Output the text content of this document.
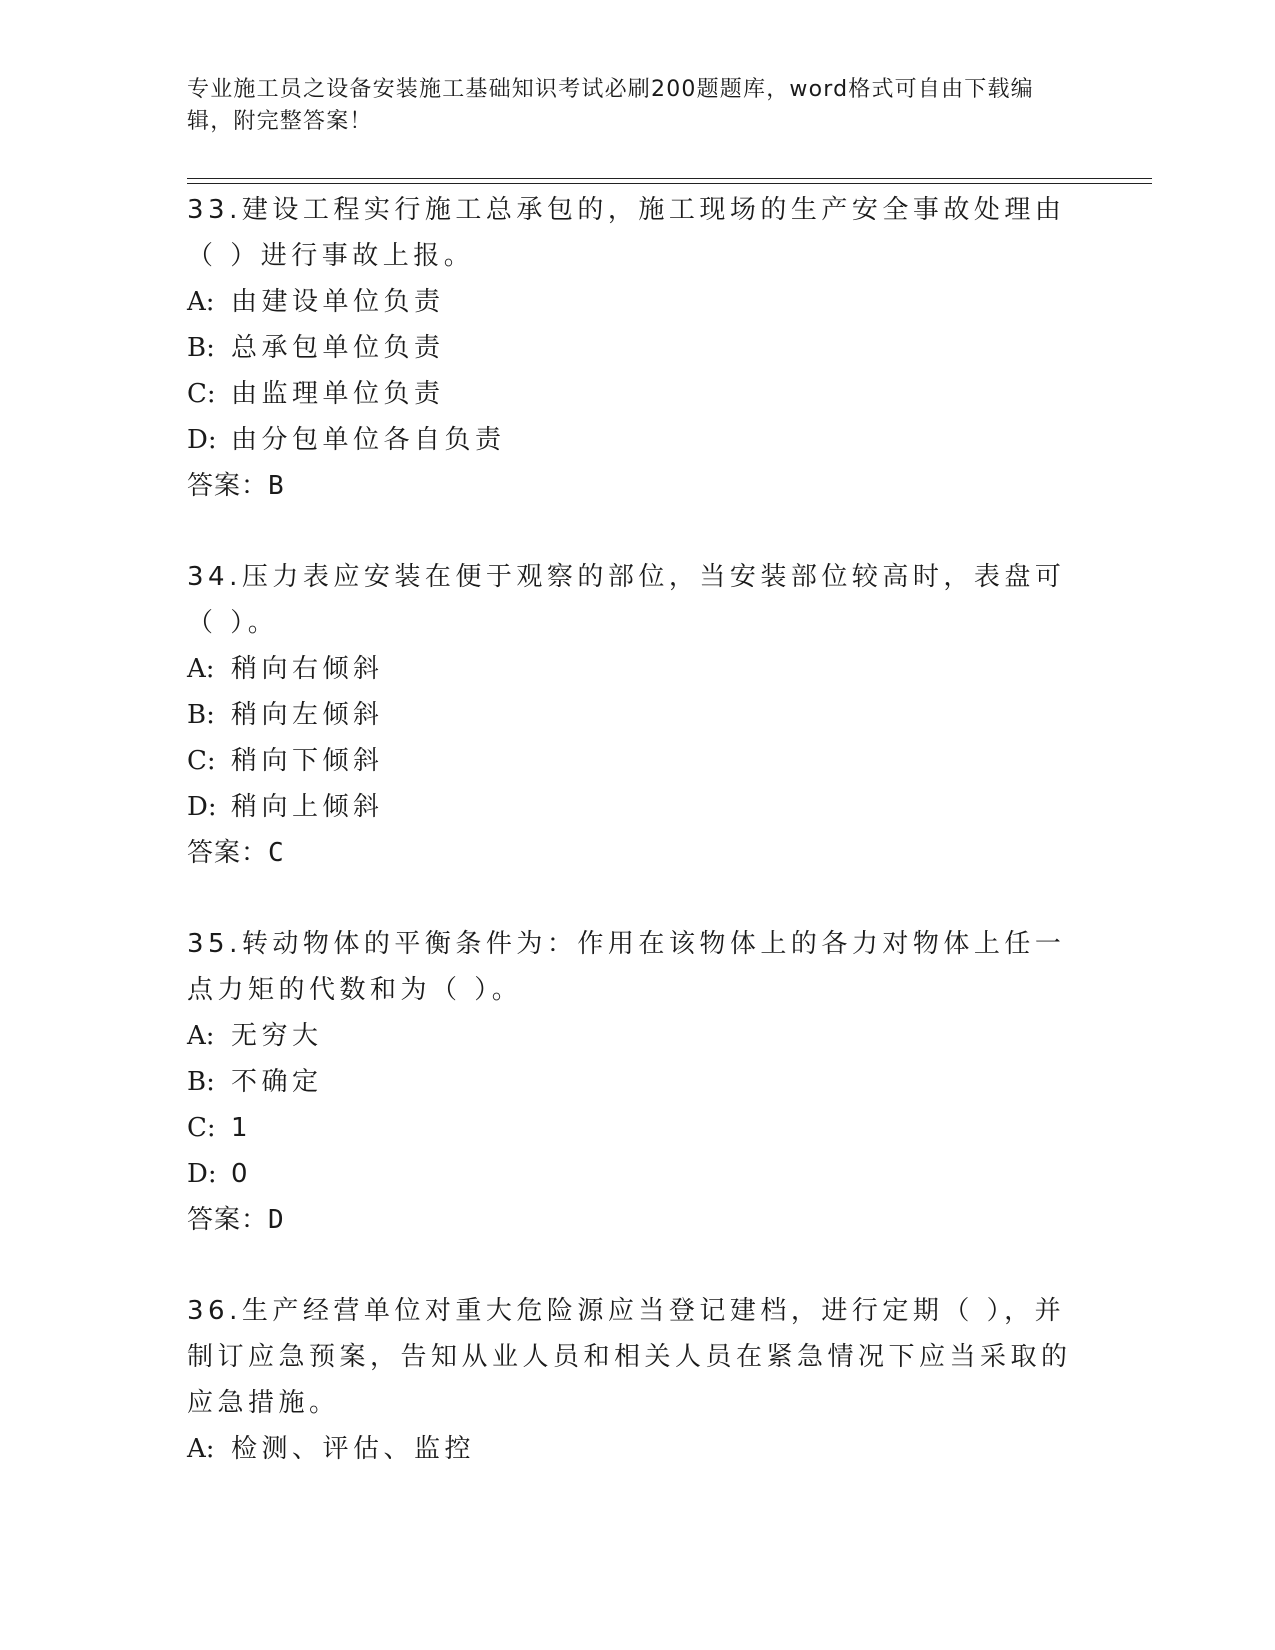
专业施工员之设备安装施工基础知识考试必刷200题题库，word格式可自由下载编辑，附完整答案！

33.建设工程实行施工总承包的，施工现场的生产安全事故处理由（ ）进行事故上报。

A: 由建设单位负责
B: 总承包单位负责
C: 由监理单位负责
D: 由分包单位各自负责
答案：B

34.压力表应安装在便于观察的部位，当安装部位较高时，表盘可（ ）。

A: 稍向右倾斜
B: 稍向左倾斜
C: 稍向下倾斜
D: 稍向上倾斜
答案：C

35.转动物体的平衡条件为：作用在该物体上的各力对物体上任一点力矩的代数和为（ ）。

A: 无穷大
B: 不确定
C: 1
D: 0
答案：D

36.生产经营单位对重大危险源应当登记建档，进行定期（ ），并制订应急预案，告知从业人员和相关人员在紧急情况下应当采取的应急措施。

A: 检测、评估、监控
